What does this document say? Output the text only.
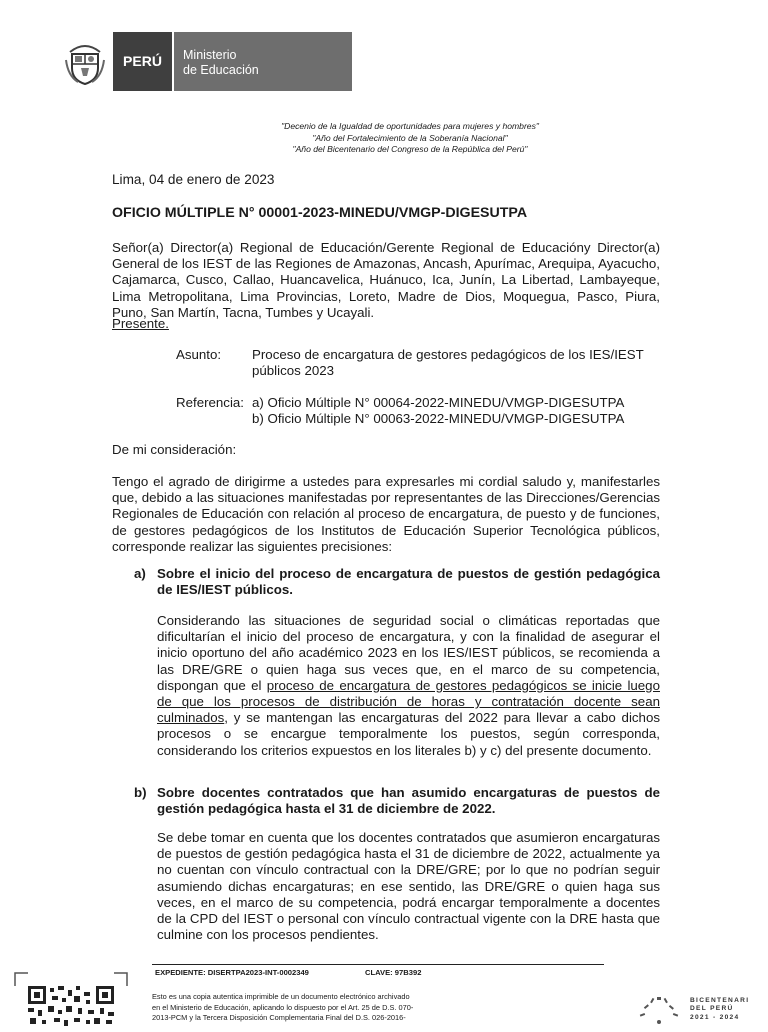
PERÚ	Ministerio
de Educación
"Decenio de la Igualdad de oportunidades para mujeres y hombres"
"Año del Fortalecimiento de la Soberanía Nacional"
"Año del Bicentenario del Congreso de la República del Perú"
Lima, 04 de enero de 2023
OFICIO MÚLTIPLE N° 00001-2023-MINEDU/VMGP-DIGESUTPA
Señor(a) Director(a) Regional de Educación/Gerente Regional de Educacióny Director(a) General de los IEST de las Regiones de Amazonas, Ancash, Apurímac, Arequipa, Ayacucho, Cajamarca, Cusco, Callao, Huancavelica, Huánuco, Ica, Junín, La Libertad, Lambayeque, Lima Metropolitana, Lima Provincias, Loreto, Madre de Dios, Moquegua, Pasco, Piura, Puno, San Martín, Tacna, Tumbes y Ucayali.
Presente.
Asunto: Proceso de encargatura de gestores pedagógicos de los IES/IEST públicos 2023
Referencia: a) Oficio Múltiple N° 00064-2022-MINEDU/VMGP-DIGESUTPA
b) Oficio Múltiple N° 00063-2022-MINEDU/VMGP-DIGESUTPA
De mi consideración:
Tengo el agrado de dirigirme a ustedes para expresarles mi cordial saludo y, manifestarles que, debido a las situaciones manifestadas por representantes de las Direcciones/Gerencias Regionales de Educación con relación al proceso de encargatura, de puesto y de funciones, de gestores pedagógicos de los Institutos de Educación Superior Tecnológica públicos, corresponde realizar las siguientes precisiones:
a) Sobre el inicio del proceso de encargatura de puestos de gestión pedagógica de IES/IEST públicos.
Considerando las situaciones de seguridad social o climáticas reportadas que dificultarían el inicio del proceso de encargatura, y con la finalidad de asegurar el inicio oportuno del año académico 2023 en los IES/IEST públicos, se recomienda a las DRE/GRE o quien haga sus veces que, en el marco de su competencia, dispongan que el proceso de encargatura de gestores pedagógicos se inicie luego de que los procesos de distribución de horas y contratación docente sean culminados, y se mantengan las encargaturas del 2022 para llevar a cabo dichos procesos o se encargue temporalmente los puestos, según corresponda, considerando los criterios expuestos en los literales b) y c) del presente documento.
b) Sobre docentes contratados que han asumido encargaturas de puestos de gestión pedagógica hasta el 31 de diciembre de 2022.
Se debe tomar en cuenta que los docentes contratados que asumieron encargaturas de puestos de gestión pedagógica hasta el 31 de diciembre de 2022, actualmente ya no cuentan con vínculo contractual con la DRE/GRE; por lo que no podrían seguir asumiendo dichas encargaturas; en ese sentido, las DRE/GRE o quien haga sus veces, en el marco de su competencia, podrá encargar temporalmente a docentes de la CPD del IEST o personal con vínculo contractual vigente con la DRE hasta que culmine con los procesos pendientes.
EXPEDIENTE: DISERTPA2023-INT-0002349	CLAVE: 97B392
Esto es una copia autentica imprimible de un documento electrónico archivado
en el Ministerio de Educación, aplicando lo dispuesto por el Art. 25 de D.S. 070-
2013-PCM y la Tercera Disposición Complementaria Final del D.S. 026-2016-
BICENTENARI
DEL PERÚ
2021 - 2024
